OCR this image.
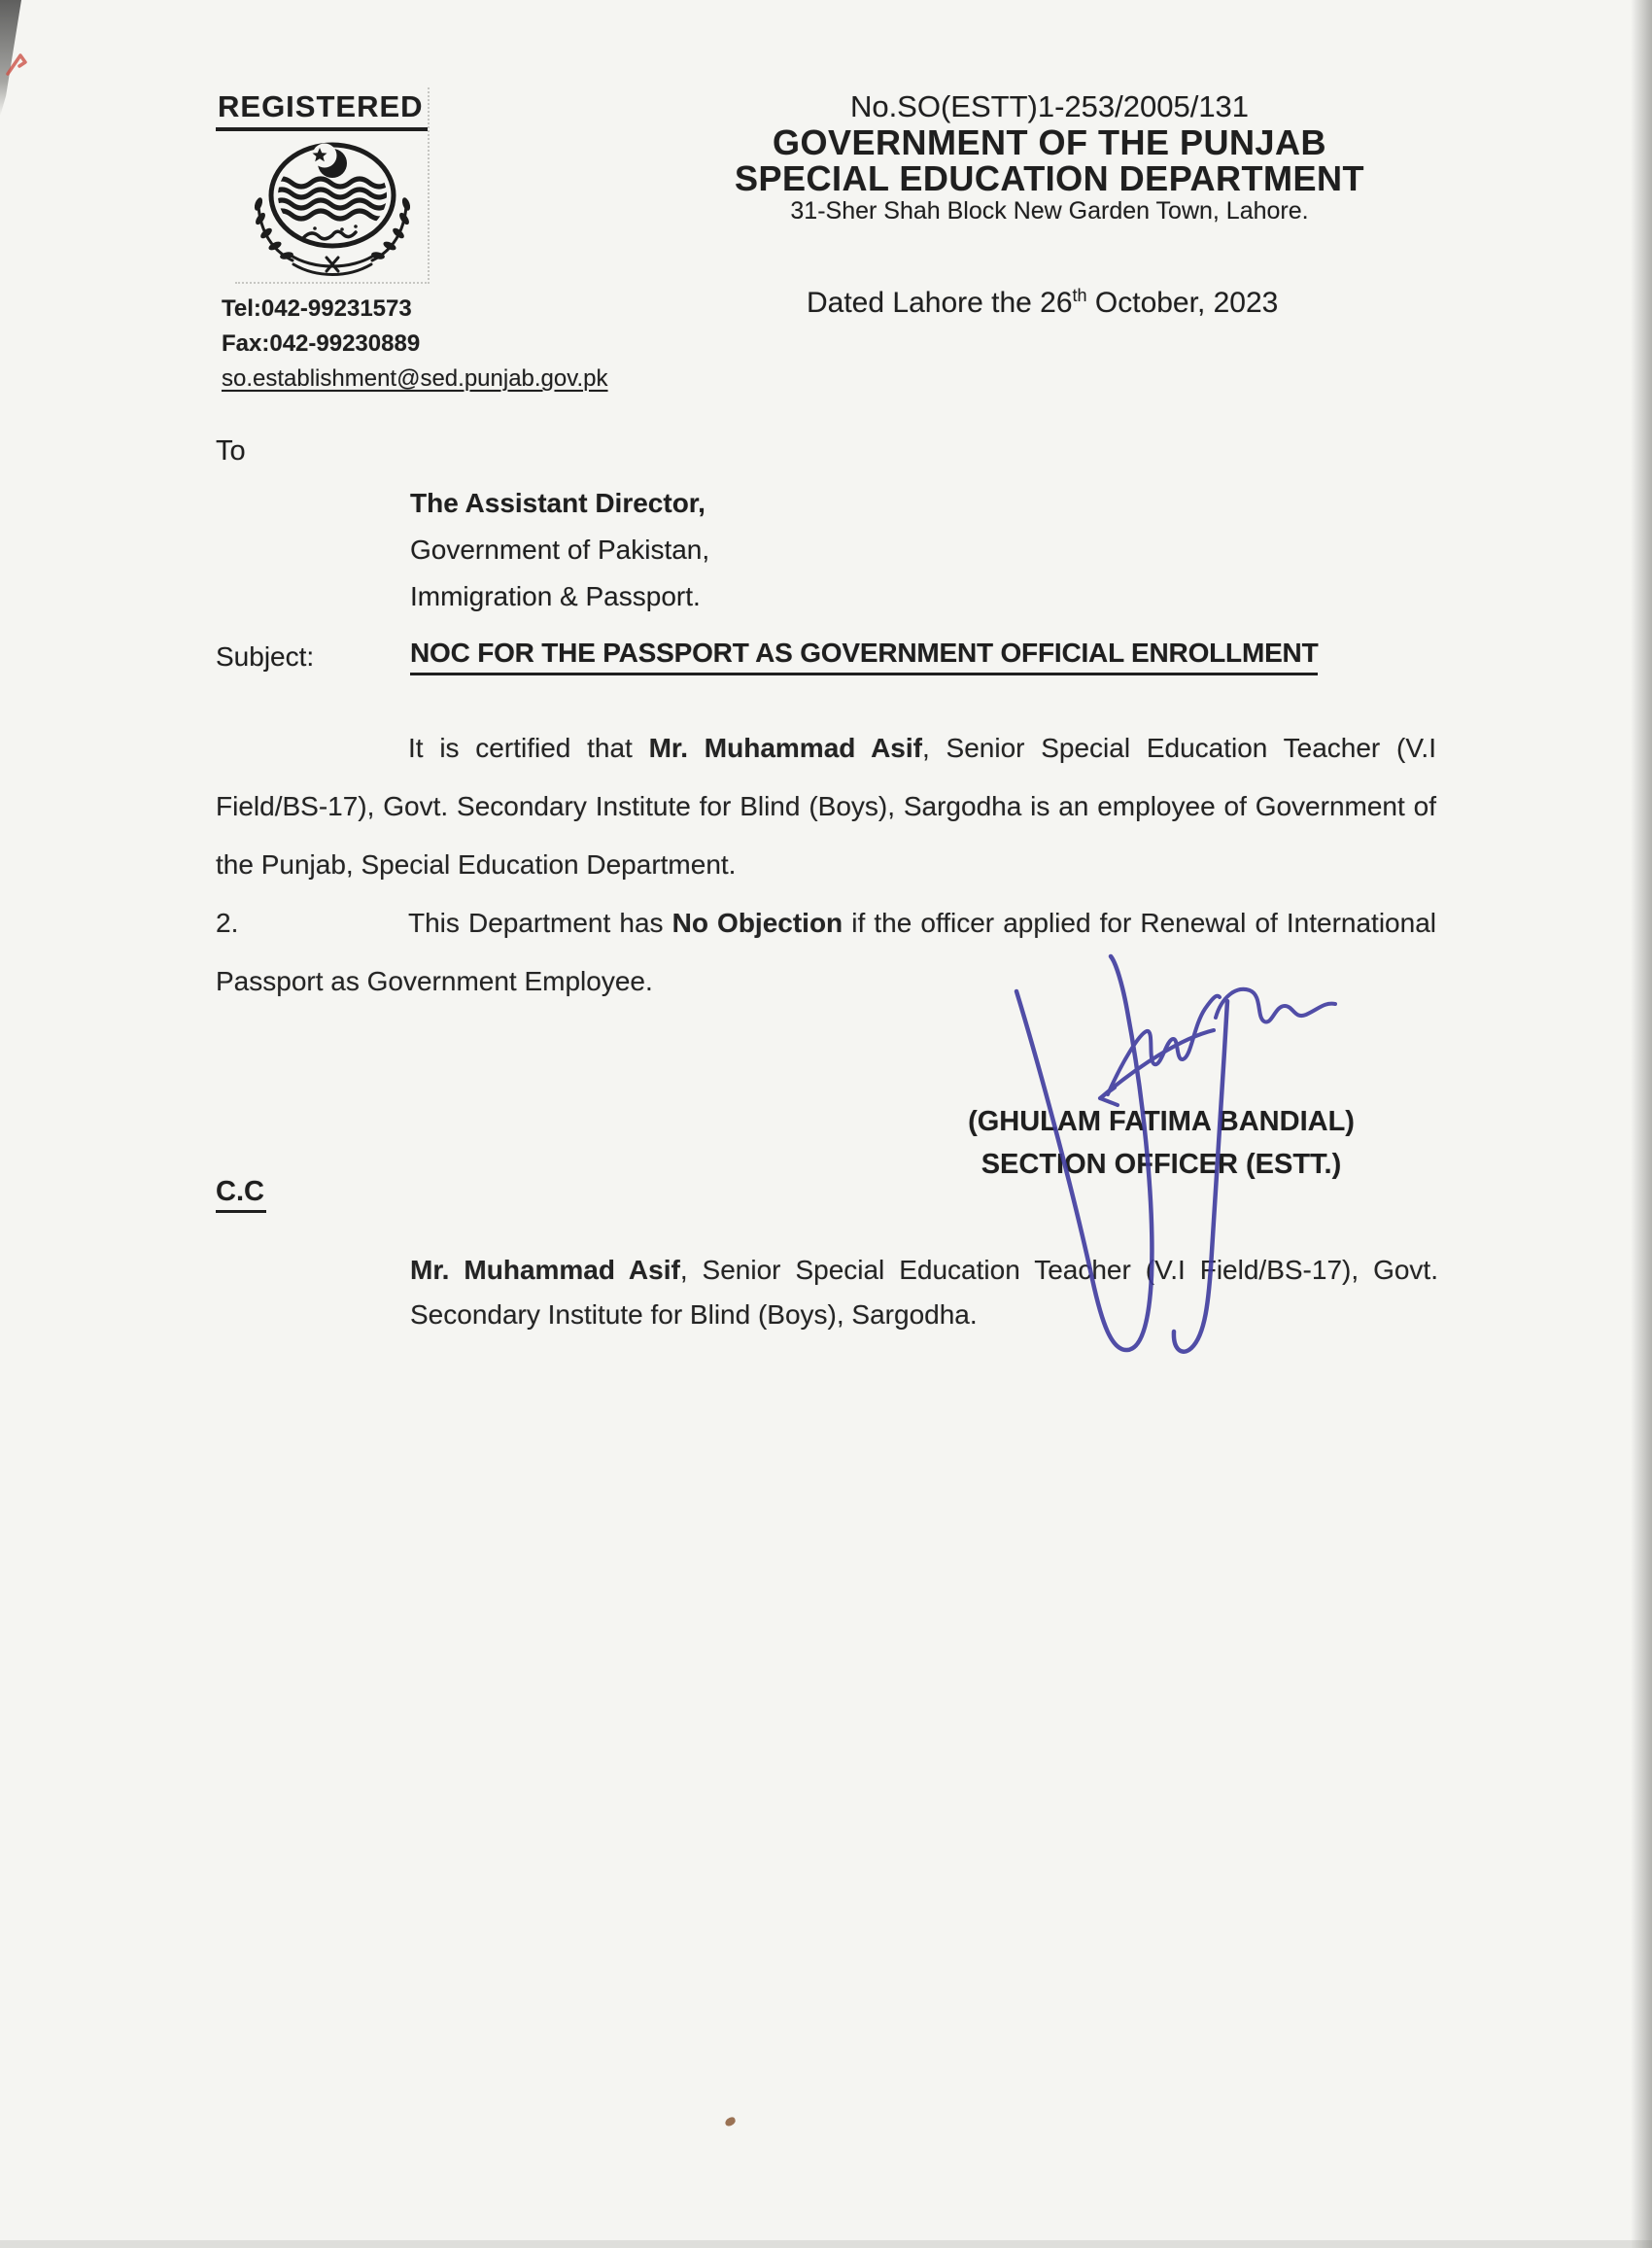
REGISTERED	No.SO(ESTT)1-253/2005/131
GOVERNMENT OF THE PUNJAB
SPECIAL EDUCATION DEPARTMENT
31-Sher Shah Block New Garden Town, Lahore.
Tel:042-99231573
Fax:042-99230889
so.establishment@sed.punjab.gov.pk
Dated Lahore the 26th October, 2023
To
The Assistant Director,
Government of Pakistan,
Immigration & Passport.
Subject:	NOC FOR THE PASSPORT AS GOVERNMENT OFFICIAL ENROLLMENT

It is certified that Mr. Muhammad Asif, Senior Special Education Teacher (V.I Field/BS-17), Govt. Secondary Institute for Blind (Boys), Sargodha is an employee of Government of the Punjab, Special Education Department.

2.	This Department has No Objection if the officer applied for Renewal of International Passport as Government Employee.
(GHULAM FATIMA BANDIAL)
SECTION OFFICER (ESTT.)
C.C

Mr. Muhammad Asif, Senior Special Education Teacher (V.I Field/BS-17), Govt. Secondary Institute for Blind (Boys), Sargodha.
